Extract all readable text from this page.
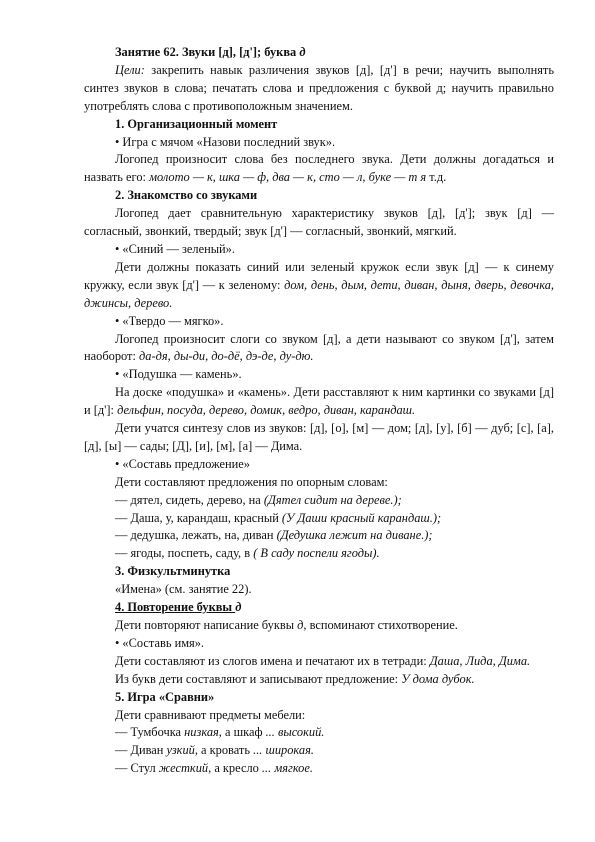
Занятие 62. Звуки [д], [д']; буква д

Цели: закрепить навык различения звуков [д], [д'] в речи; научить выполнять синтез звуков в слова; печатать слова и предложения с буквой д; научить правильно употреблять слова с противоположным значением.

1. Организационный момент

• Игра с мячом «Назови последний звук».

Логопед произносит слова без последнего звука. Дети должны догадаться и назвать его: молото — к, шка — ф, два — к, сто — л, буке — т я т.д.

2. Знакомство со звуками

Логопед дает сравнительную характеристику звуков [д], [д']; звук [д] — согласный, звонкий, твердый; звук [д'] — согласный, звонкий, мягкий.

• «Синий — зеленый».

Дети должны показать синий или зеленый кружок если звук [д] — к синему кружку, если звук [д'] — к зеленому: дом, день, дым, дети, диван, дыня, дверь, девочка, джинсы, дерево.

• «Твердо — мягко».

Логопед произносит слоги со звуком [д], а дети называют со звуком [д'], затем наоборот: да-дя, ды-ди, до-дё, дэ-де, ду-дю.

• «Подушка — камень».

На доске «подушка» и «камень». Дети расставляют к ним картинки со звуками [д] и [д']: дельфин, посуда, дерево, домик, ведро, диван, карандаш.

Дети учатся синтезу слов из звуков: [д], [о], [м] — дом; [д], [у], [б] — дуб; [с], [а], [д], [ы] — сады; [Д], [и], [м], [а] — Дима.

• «Составь предложение»

Дети составляют предложения по опорным словам:

— дятел, сидеть, дерево, на (Дятел сидит на дереве.);

— Даша, у, карандаш, красный (У Даши красный карандаш.);

— дедушка, лежать, на, диван (Дедушка лежит на диване.);

— ягоды, поспеть, саду, в ( В саду поспели ягоды).

3. Физкультминутка

«Имена» (см. занятие 22).

4. Повторение буквы д

Дети повторяют написание буквы д, вспоминают стихотворение.

• «Составь имя».

Дети составляют из слогов имена и печатают их в тетради: Даша, Лида, Дима.

Из букв дети составляют и записывают предложение: У дома дубок.

5. Игра «Сравни»

Дети сравнивают предметы мебели:

— Тумбочка низкая, а шкаф ... высокий.

— Диван узкий, а кровать ... широкая.

— Стул жесткий, а кресло ... мягкое.
